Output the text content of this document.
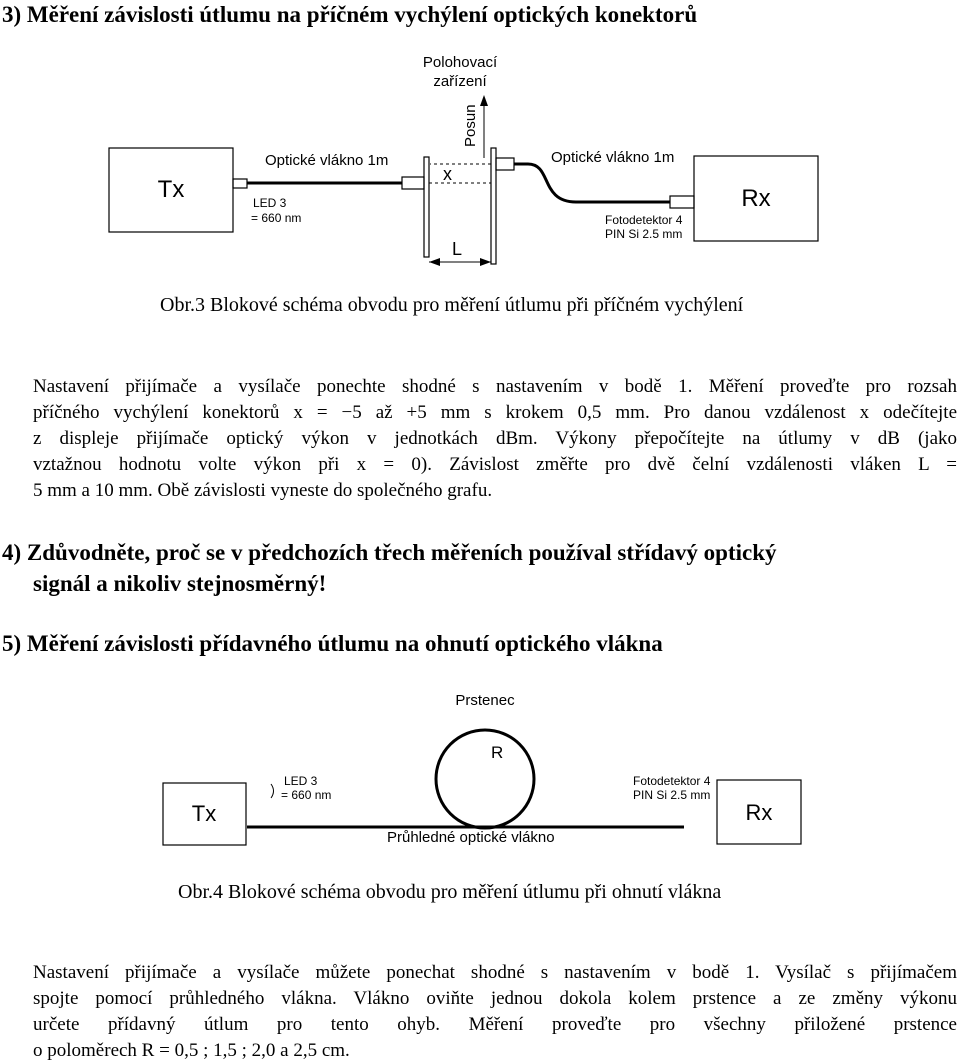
3) Měření závislosti útlumu na příčném vychýlení optických konektorů
Tx	LED 3
= 660 nm
Optické vlákno 1m
x
Polohovací
zařízení
Posun
L
Optické vlákno 1m
Fotodetektor 4
PIN Si 2.5 mm
Rx

Obr.3 Blokové schéma obvodu pro měření útlumu při příčném vychýlení

Nastavení přijímače a vysílače ponechte shodné s nastavením v bodě 1. Měření proveďte pro rozsah
příčného vychýlení konektorů x = −5 až +5 mm s krokem 0,5 mm. Pro danou vzdálenost x odečítejte
z displeje přijímače optický výkon v jednotkách dBm. Výkony přepočítejte na útlumy v dB (jako
vztažnou hodnotu volte výkon při x = 0). Závislost změřte pro dvě čelní vzdálenosti vláken L =
5 mm a 10 mm. Obě závislosti vyneste do společného grafu.
4) Zdůvodněte, proč se v předchozích třech měřeních používal střídavý optický
signál a nikoliv stejnosměrný!
5) Měření závislosti přídavného útlumu na ohnutí optického vlákna
Prstenec
R
Tx
LED 3
= 660 nm
Fotodetektor 4
PIN Si 2.5 mm
Rx
Průhledné optické vlákno

Obr.4 Blokové schéma obvodu pro měření útlumu při ohnutí vlákna

Nastavení přijímače a vysílače můžete ponechat shodné s nastavením v bodě 1. Vysílač s přijímačem
spojte pomocí průhledného vlákna. Vlákno oviňte jednou dokola kolem prstence a ze změny výkonu
určete přídavný útlum pro tento ohyb. Měření proveďte pro všechny přiložené prstence
o poloměrech R = 0,5 ; 1,5 ; 2,0 a 2,5 cm.
